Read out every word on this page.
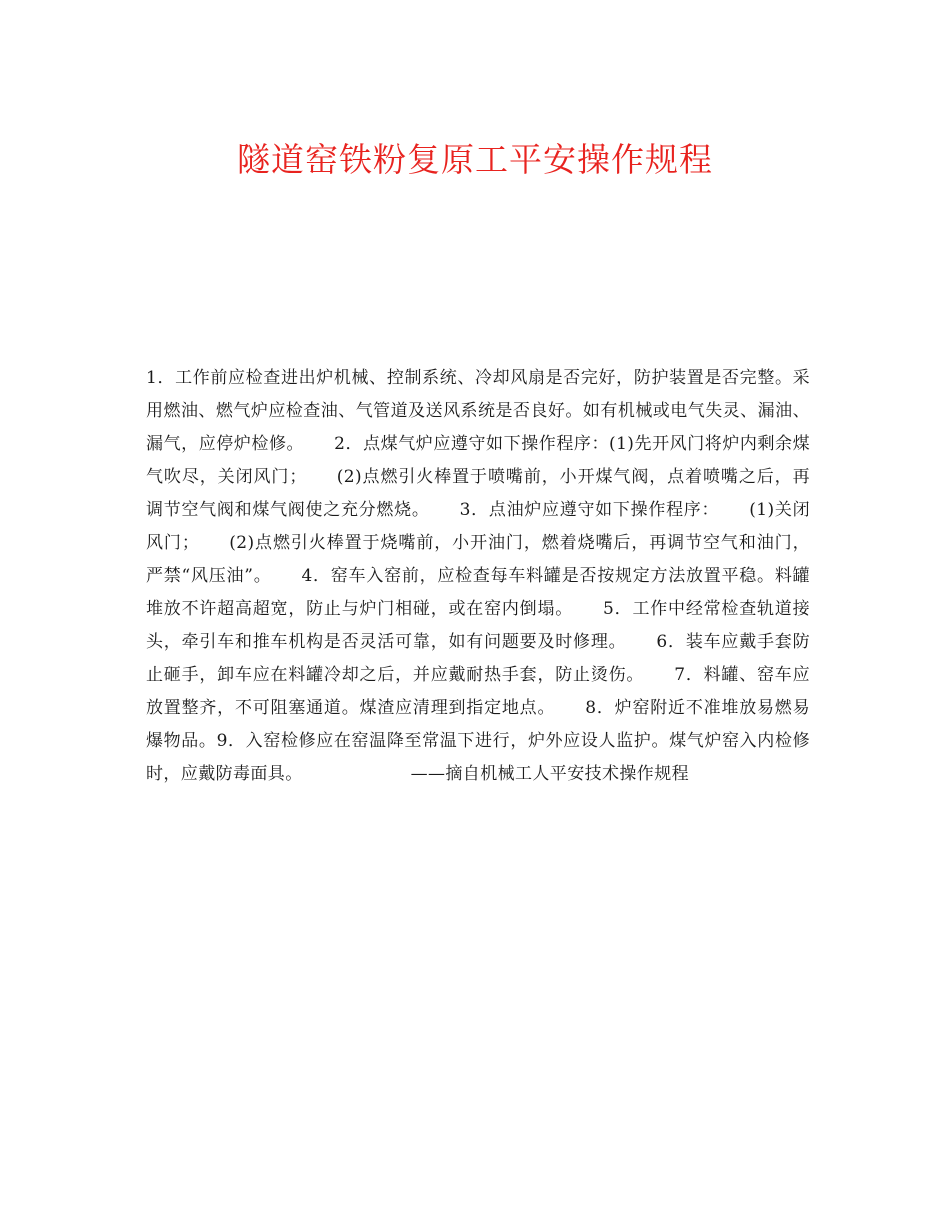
隧道窑铁粉复原工平安操作规程

1．工作前应检查进出炉机械、控制系统、冷却风扇是否完好，防护装置是否完整。采用燃油、燃气炉应检查油、气管道及送风系统是否良好。如有机械或电气失灵、漏油、漏气，应停炉检修。 2．点煤气炉应遵守如下操作程序：(1)先开风门将炉内剩余煤气吹尽，关闭风门； (2)点燃引火棒置于喷嘴前，小开煤气阀，点着喷嘴之后，再调节空气阀和煤气阀使之充分燃烧。 3．点油炉应遵守如下操作程序： (1)关闭风门； (2)点燃引火棒置于烧嘴前，小开油门，燃着烧嘴后，再调节空气和油门，严禁“风压油”。 4．窑车入窑前，应检查每车料罐是否按规定方法放置平稳。料罐堆放不许超高超宽，防止与炉门相碰，或在窑内倒塌。 5．工作中经常检查轨道接头，牵引车和推车机构是否灵活可靠，如有问题要及时修理。 6．装车应戴手套防止砸手，卸车应在料罐冷却之后，并应戴耐热手套，防止烫伤。 7．料罐、窑车应放置整齐，不可阻塞通道。煤渣应清理到指定地点。 8．炉窑附近不准堆放易燃易爆物品。9．入窑检修应在窑温降至常温下进行，炉外应设人监护。煤气炉窑入内检修时，应戴防毒面具。	——摘自机械工人平安技术操作规程
